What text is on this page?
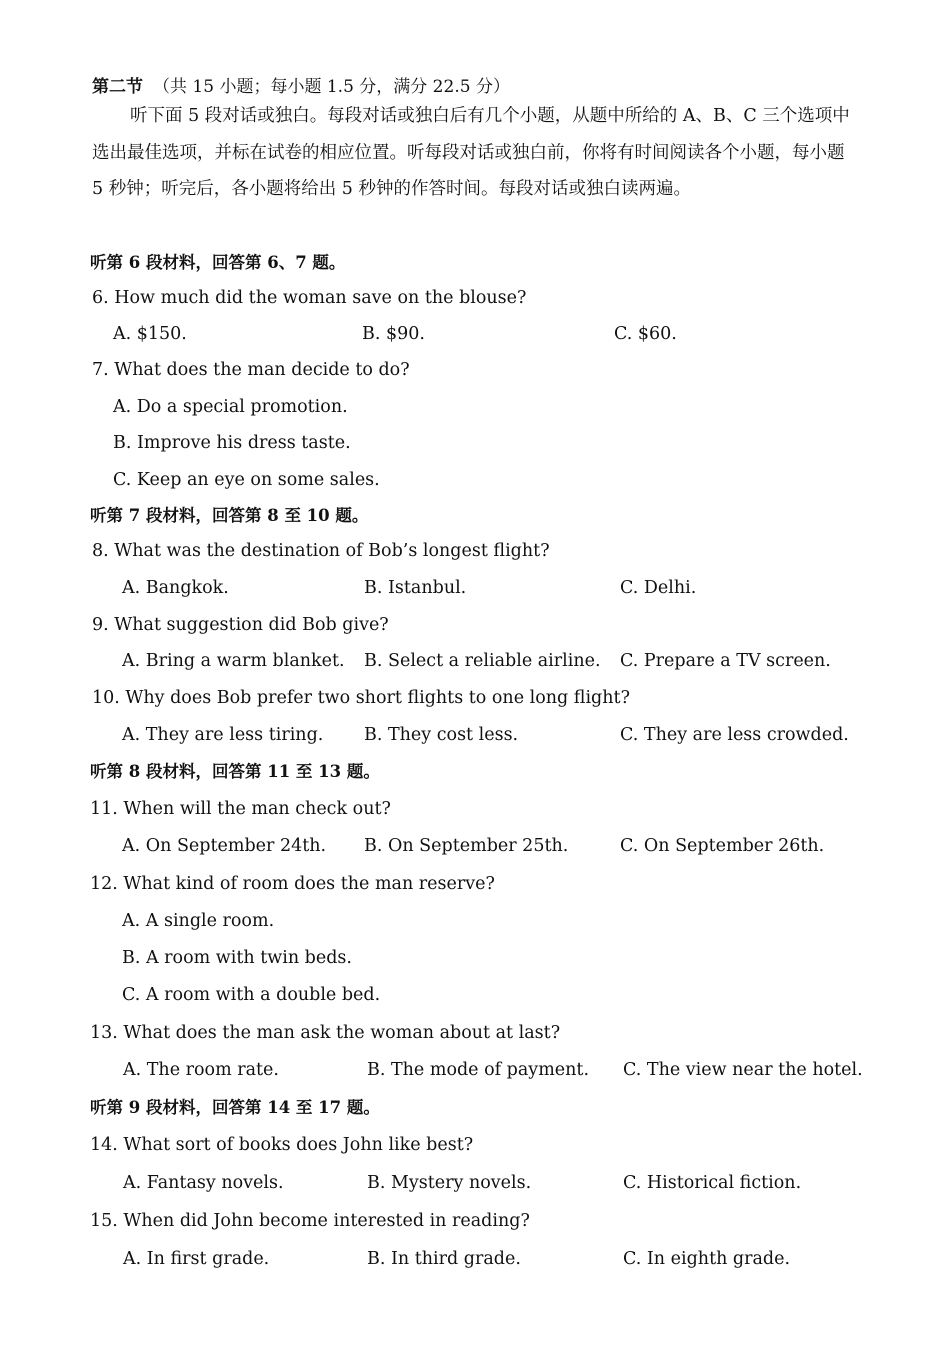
第二节 （共 15 小题；每小题 1.5 分，满分 22.5 分）
听下面 5 段对话或独白。每段对话或独白后有几个小题，从题中所给的 A、B、C 三个选项中选出最佳选项，并标在试卷的相应位置。听每段对话或独白前，你将有时间阅读各个小题，每小题 5 秒钟；听完后，各小题将给出 5 秒钟的作答时间。每段对话或独白读两遍。
听第 6 段材料，回答第 6、7 题。
6. How much did the woman save on the blouse?
A. $150.	B. $90.	C. $60.
7. What does the man decide to do?
A. Do a special promotion.
B. Improve his dress taste.
C. Keep an eye on some sales.
听第 7 段材料，回答第 8 至 10 题。
8. What was the destination of Bob’s longest flight?
A. Bangkok.	B. Istanbul.	C. Delhi.
9. What suggestion did Bob give?
A. Bring a warm blanket. B. Select a reliable airline. C. Prepare a TV screen.
10. Why does Bob prefer two short flights to one long flight?
A. They are less tiring. B. They cost less.	C. They are less crowded.
听第 8 段材料，回答第 11 至 13 题。
11. When will the man check out?
A. On September 24th. B. On September 25th.	C. On September 26th.
12. What kind of room does the man reserve?
A. A single room.
B. A room with twin beds.
C. A room with a double bed.
13. What does the man ask the woman about at last?
A. The room rate.	B. The mode of payment. C. The view near the hotel.
听第 9 段材料，回答第 14 至 17 题。
14. What sort of books does John like best?
A. Fantasy novels.	B. Mystery novels.	C. Historical fiction.
15. When did John become interested in reading?
A. In first grade.	B. In third grade.	C. In eighth grade.
